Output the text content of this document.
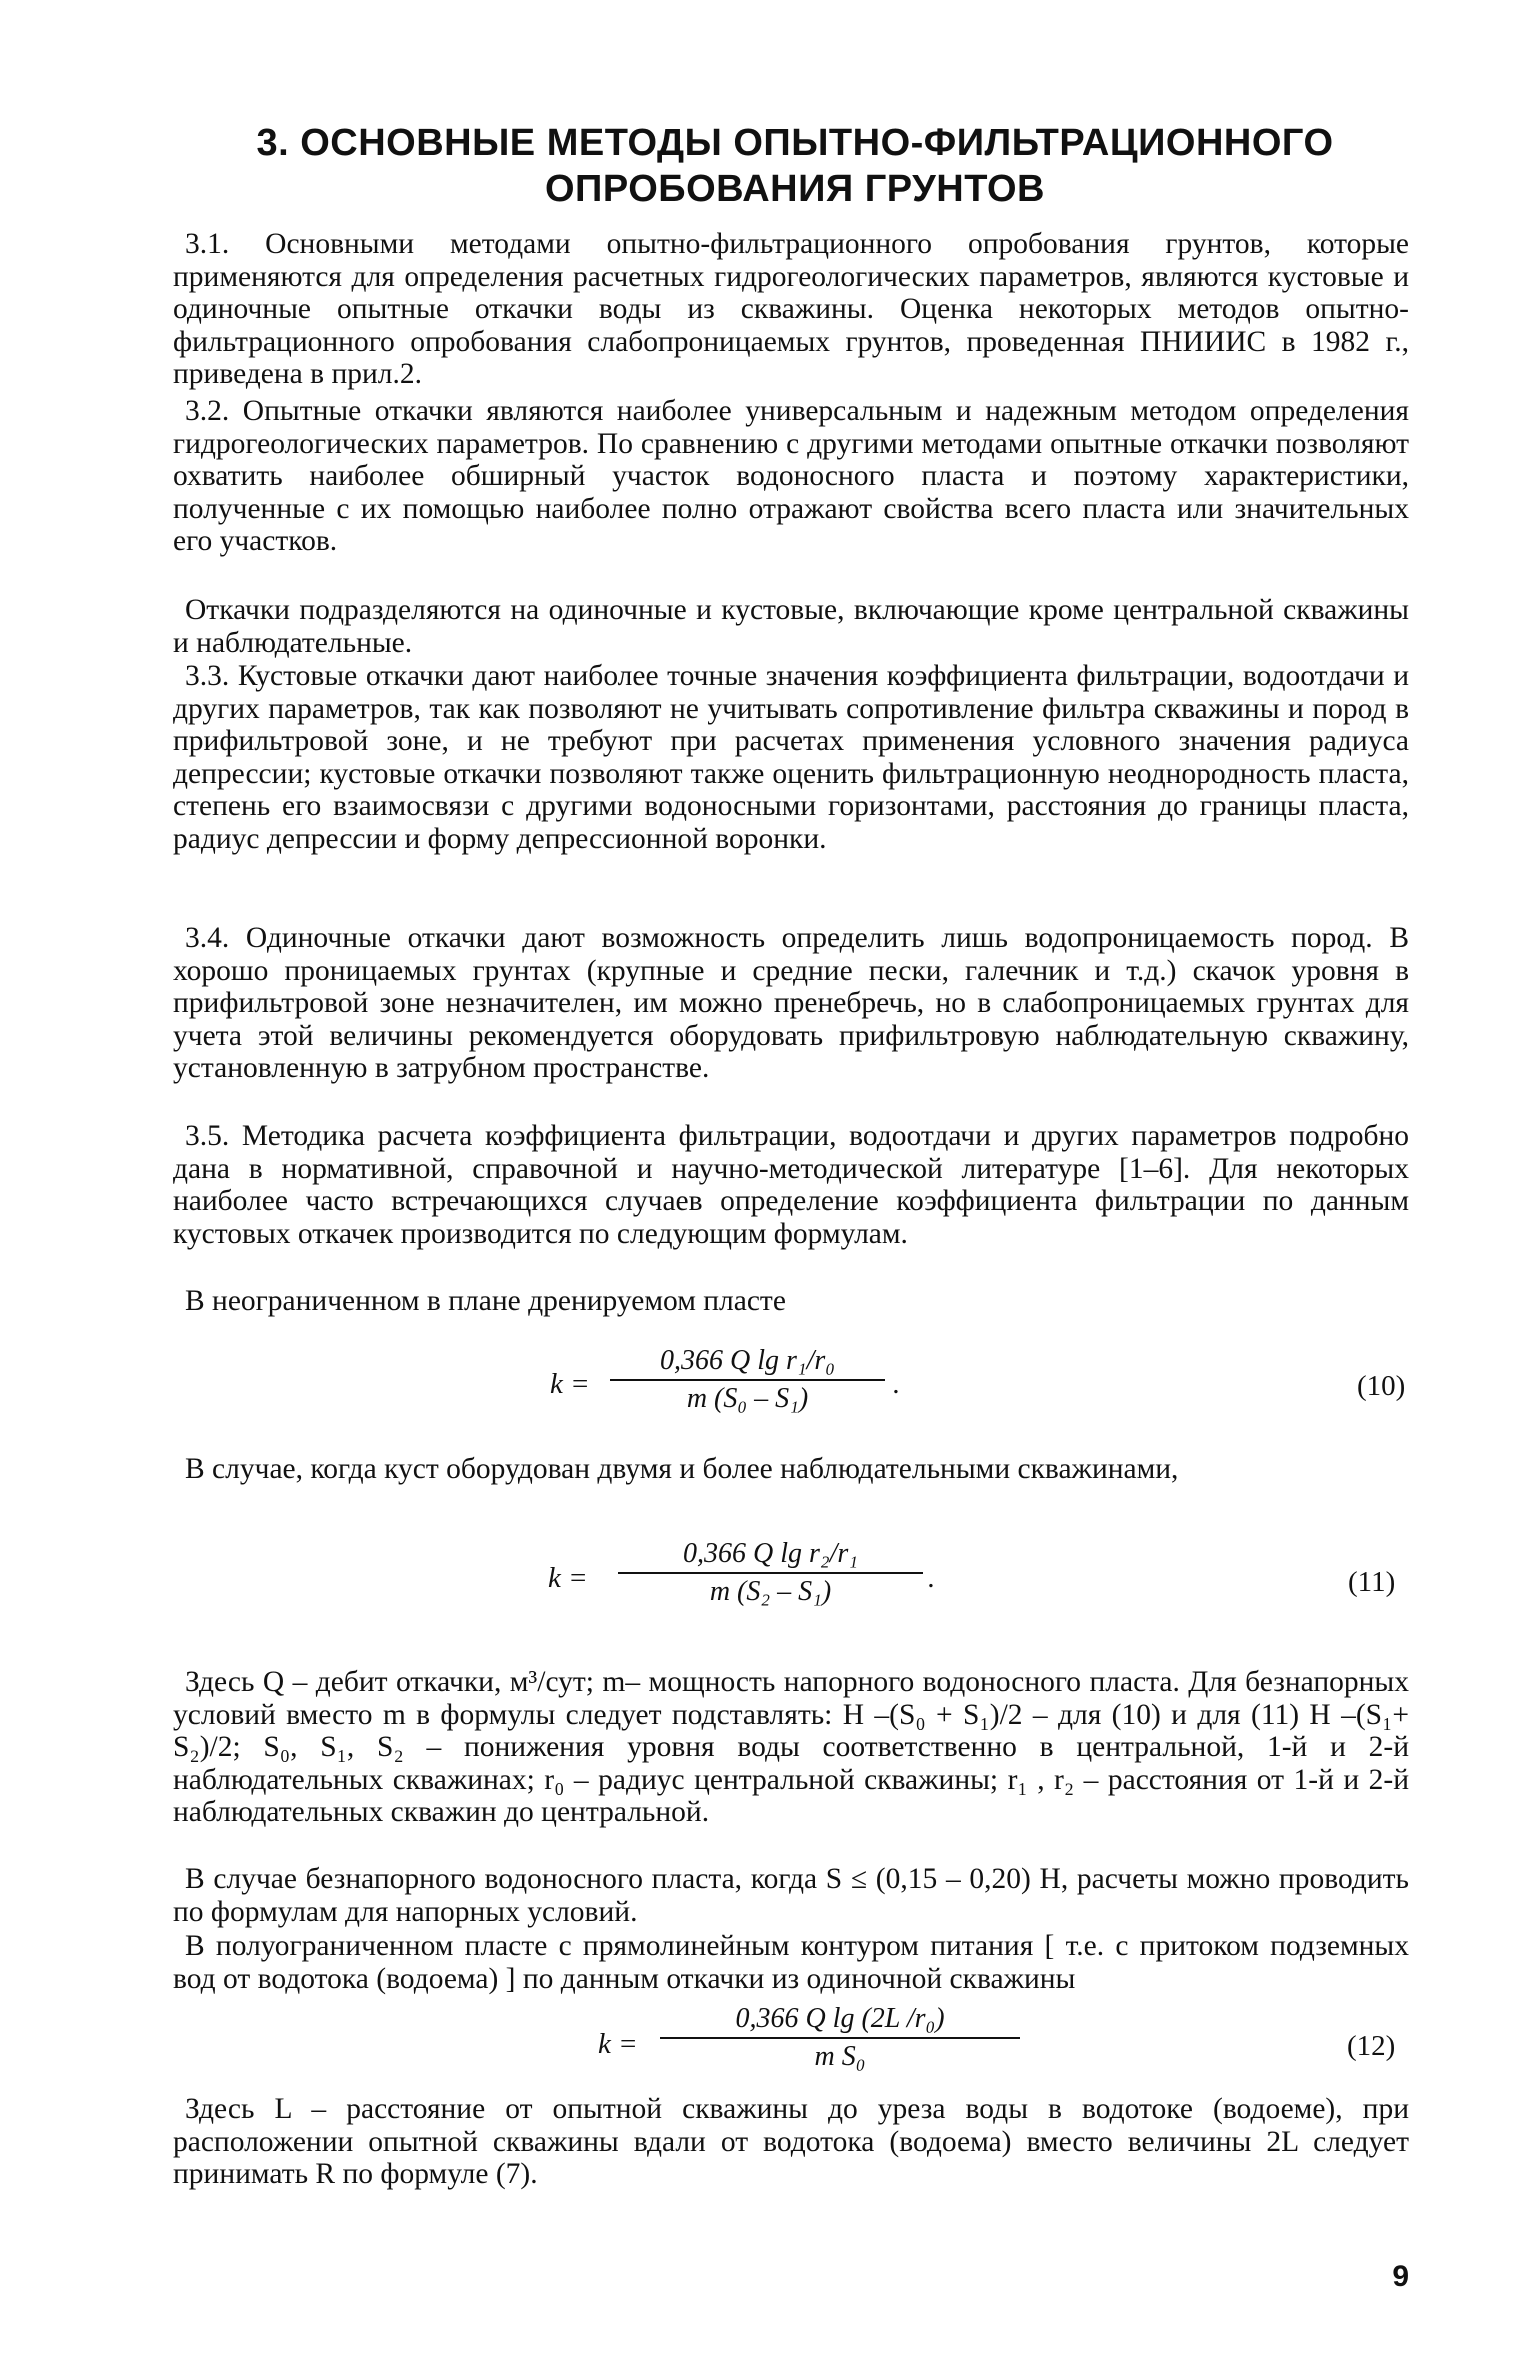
3. ОСНОВНЫЕ МЕТОДЫ ОПЫТНО-ФИЛЬТРАЦИОННОГО
ОПРОБОВАНИЯ ГРУНТОВ

3.1. Основными методами опытно-фильтрационного опробования грунтов, которые применяются для определения расчетных гидрогеологических параметров, являются кустовые и одиночные опытные откачки воды из скважины. Оценка некоторых методов опытно-фильтрационного опробования слабопроницаемых грунтов, проведенная ПНИИИС в 1982 г., приведена в прил.2.

3.2. Опытные откачки являются наиболее универсальным и надежным методом определения гидрогеологических параметров. По сравнению с другими методами опытные откачки позволяют охватить наиболее обширный участок водоносного пласта и поэтому характеристики, полученные с их помощью наиболее полно отражают свойства всего пласта или значительных его участков.

Откачки подразделяются на одиночные и кустовые, включающие кроме центральной скважины и наблюдательные.

3.3. Кустовые откачки дают наиболее точные значения коэффициента фильтрации, водоотдачи и других параметров, так как позволяют не учитывать сопротивление фильтра скважины и пород в прифильтровой зоне, и не требуют при расчетах применения условного значения радиуса депрессии; кустовые откачки позволяют также оценить фильтрационную неоднородность пласта, степень его взаимосвязи с другими водоносными горизонтами, расстояния до границы пласта, радиус депрессии и форму депрессионной воронки.

3.4. Одиночные откачки дают возможность определить лишь водопроницаемость пород. В хорошо проницаемых грунтах (крупные и средние пески, галечник и т.д.) скачок уровня в прифильтровой зоне незначителен, им можно пренебречь, но в слабопроницаемых грунтах для учета этой величины рекомендуется оборудовать прифильтровую наблюдательную скважину, установленную в затрубном пространстве.

3.5. Методика расчета коэффициента фильтрации, водоотдачи и других параметров подробно дана в нормативной, справочной и научно-методической литературе [1–6]. Для некоторых наиболее часто встречающихся случаев определение коэффициента фильтрации по данным кустовых откачек производится по следующим формулам.

В неограниченном в плане дренируемом пласте

k =
0,366 Q lg r₁/r₀
m (S₀ – S₁)	.	(10)

В случае, когда куст оборудован двумя и более наблюдательными скважинами,

k =
0,366 Q lg r₂/r₁
m (S₂ – S₁)	.	(11)

Здесь Q – дебит откачки, м³/сут; m– мощность напорного водоносного пласта. Для безнапорных условий вместо m в формулы следует подставлять: H –(S₀ + S₁)/2 – для (10) и для (11) H –(S₁+ S₂)/2; S₀, S₁, S₂ – понижения уровня воды соответственно в центральной, 1-й и 2-й наблюдательных скважинах; r₀ – радиус центральной скважины; r₁ , r₂ – расстояния от 1-й и 2-й наблюдательных скважин до центральной.

В случае безнапорного водоносного пласта, когда S ≤ (0,15 – 0,20) H, расчеты можно проводить по формулам для напорных условий.

В полуограниченном пласте с прямолинейным контуром питания [ т.е. с притоком подземных вод от водотока (водоема) ] по данным откачки из одиночной скважины

k =
0,366 Q lg (2L /r₀)
m S₀	(12)

Здесь L – расстояние от опытной скважины до уреза воды в водотоке (водоеме), при расположении опытной скважины вдали от водотока (водоема) вместо величины 2L следует принимать R по формуле (7).

9
